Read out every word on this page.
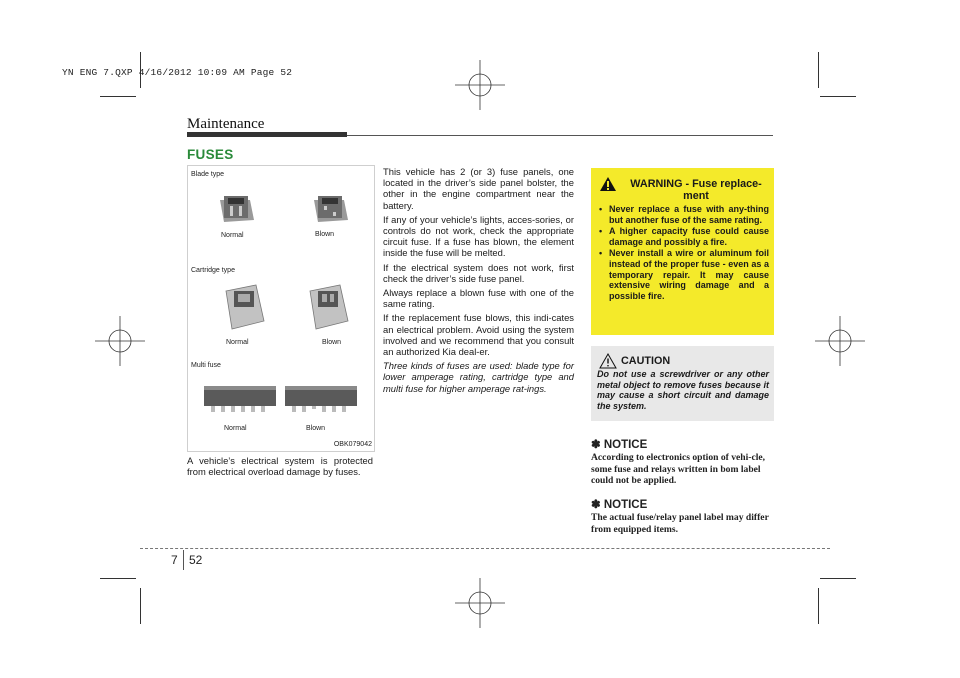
YN ENG 7.QXP 4/16/2012 10:09 AM Page 52
Maintenance
FUSES
Blade type
Normal	Blown
Cartridge type
Normal	Blown
Multi fuse
Normal	Blown
OBK079042
A vehicle’s electrical system is protected from electrical overload damage by fuses.

This vehicle has 2 (or 3) fuse panels, one located in the driver’s side panel bolster, the other in the engine compartment near the battery.

If any of your vehicle’s lights, acces-sories, or controls do not work, check the appropriate circuit fuse. If a fuse has blown, the element inside the fuse will be melted.

If the electrical system does not work, first check the driver’s side fuse panel.

Always replace a blown fuse with one of the same rating.

If the replacement fuse blows, this indi-cates an electrical problem. Avoid using the system involved and we recommend that you consult an authorized Kia deal-er.

Three kinds of fuses are used: blade type for lower amperage rating, cartridge type and multi fuse for higher amperage rat-ings.

WARNING - Fuse replace-ment
• Never replace a fuse with any-thing but another fuse of the same rating.
• A higher capacity fuse could cause damage and possibly a fire.
• Never install a wire or aluminum foil instead of the proper fuse - even as a temporary repair. It may cause extensive wiring damage and a possible fire.
CAUTION
Do not use a screwdriver or any other metal object to remove fuses because it may cause a short circuit and damage the system.
✽ NOTICE
According to electronics option of vehi-cle, some fuse and relays written in bom label could not be applied.
✽ NOTICE
The actual fuse/relay panel label may differ from equipped items.
7 52
